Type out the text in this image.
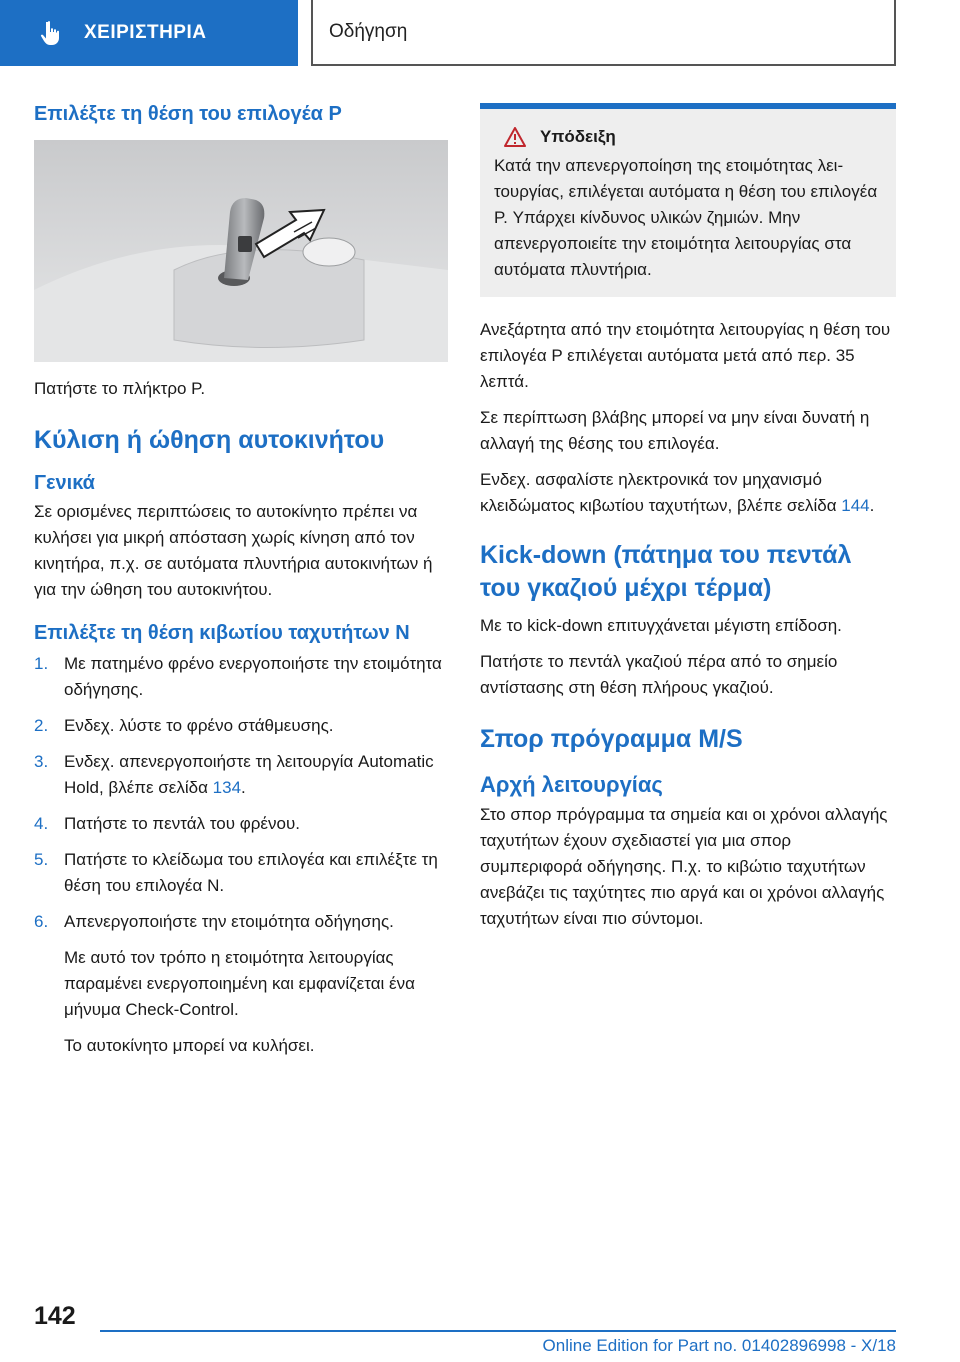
ΧΕΙΡΙΣΤΗΡΙΑ	Οδήγηση
Επιλέξτε τη θέση του επιλογέα P

Πατήστε το πλήκτρο P.

Κύλιση ή ώθηση αυτοκινήτου
Γενικά

Σε ορισμένες περιπτώσεις το αυτοκίνητο πρέπει να κυλήσει για μικρή απόσταση χωρίς κίνηση από τον κινητήρα, π.χ. σε αυτόματα πλυντήρια αυτοκινήτων ή για την ώθηση του αυτοκινήτου.

Επιλέξτε τη θέση κιβωτίου ταχυτήτων N
1. Με πατημένο φρένο ενεργοποιήστε την ετοιμότητα οδήγησης.
2. Ενδεχ. λύστε το φρένο στάθμευσης.
3. Ενδεχ. απενεργοποιήστε τη λειτουργία Automatic Hold, βλέπε σελίδα 134.
4. Πατήστε το πεντάλ του φρένου.
5. Πατήστε το κλείδωμα του επιλογέα και επιλέξτε τη θέση του επιλογέα N.
6. Απενεργοποιήστε την ετοιμότητα οδήγησης.

Με αυτό τον τρόπο η ετοιμότητα λειτουργίας παραμένει ενεργοποιημένη και εμφανίζεται ένα μήνυμα Check-Control.

Το αυτοκίνητο μπορεί να κυλήσει.

Υπόδειξη

Κατά την απενεργοποίηση της ετοιμότητας λειτουργίας, επιλέγεται αυτόματα η θέση του επιλογέα P. Υπάρχει κίνδυνος υλικών ζημιών. Μην απενεργοποιείτε την ετοιμότητα λειτουργίας στα αυτόματα πλυντήρια.

Ανεξάρτητα από την ετοιμότητα λειτουργίας η θέση του επιλογέα P επιλέγεται αυτόματα μετά από περ. 35 λεπτά.

Σε περίπτωση βλάβης μπορεί να μην είναι δυνατή η αλλαγή της θέσης του επιλογέα.

Ενδεχ. ασφαλίστε ηλεκτρονικά τον μηχανισμό κλειδώματος κιβωτίου ταχυτήτων, βλέπε σελίδα 144.

Kick-down (πάτημα του πεντάλ του γκαζιού μέχρι τέρμα)

Με το kick-down επιτυγχάνεται μέγιστη επίδοση.

Πατήστε το πεντάλ γκαζιού πέρα από το σημείο αντίστασης στη θέση πλήρους γκαζιού.

Σπορ πρόγραμμα M/S
Αρχή λειτουργίας

Στο σπορ πρόγραμμα τα σημεία και οι χρόνοι αλλαγής ταχυτήτων έχουν σχεδιαστεί για μια σπορ συμπεριφορά οδήγησης. Π.χ. το κιβώτιο ταχυτήτων ανεβάζει τις ταχύτητες πιο αργά και οι χρόνοι αλλαγής ταχυτήτων είναι πιο σύντομοι.

142
Online Edition for Part no. 01402896998 - X/18
